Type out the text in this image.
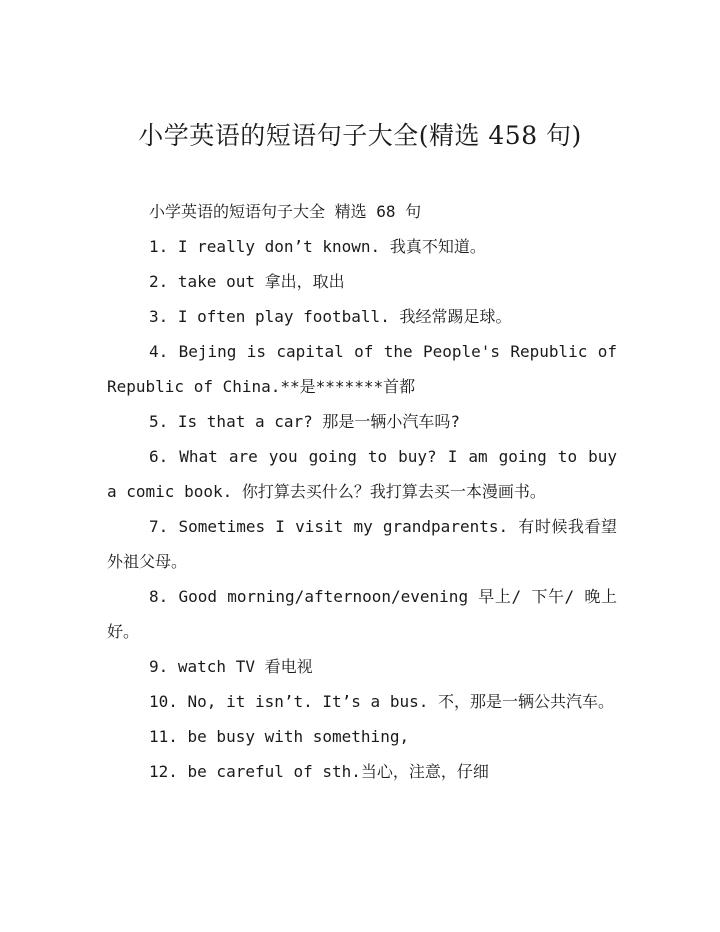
小学英语的短语句子大全(精选 458 句)

小学英语的短语句子大全 精选 68 句

1. I really don’t known. 我真不知道。

2. take out 拿出，取出

3. I often play football. 我经常踢足球。

4. Bejing is capital of the People's Republic of Republic of China.**是*******首都

5. Is that a car? 那是一辆小汽车吗?

6. What are you going to buy? I am going to buy a comic book. 你打算去买什么？我打算去买一本漫画书。

7. Sometimes I visit my grandparents. 有时候我看望外祖父母。

8. Good morning/afternoon/evening 早上/ 下午/ 晚上好。

9. watch TV 看电视

10. No, it isn’t. It’s a bus. 不，那是一辆公共汽车。

11. be busy with something,

12. be careful of sth.当心，注意，仔细
